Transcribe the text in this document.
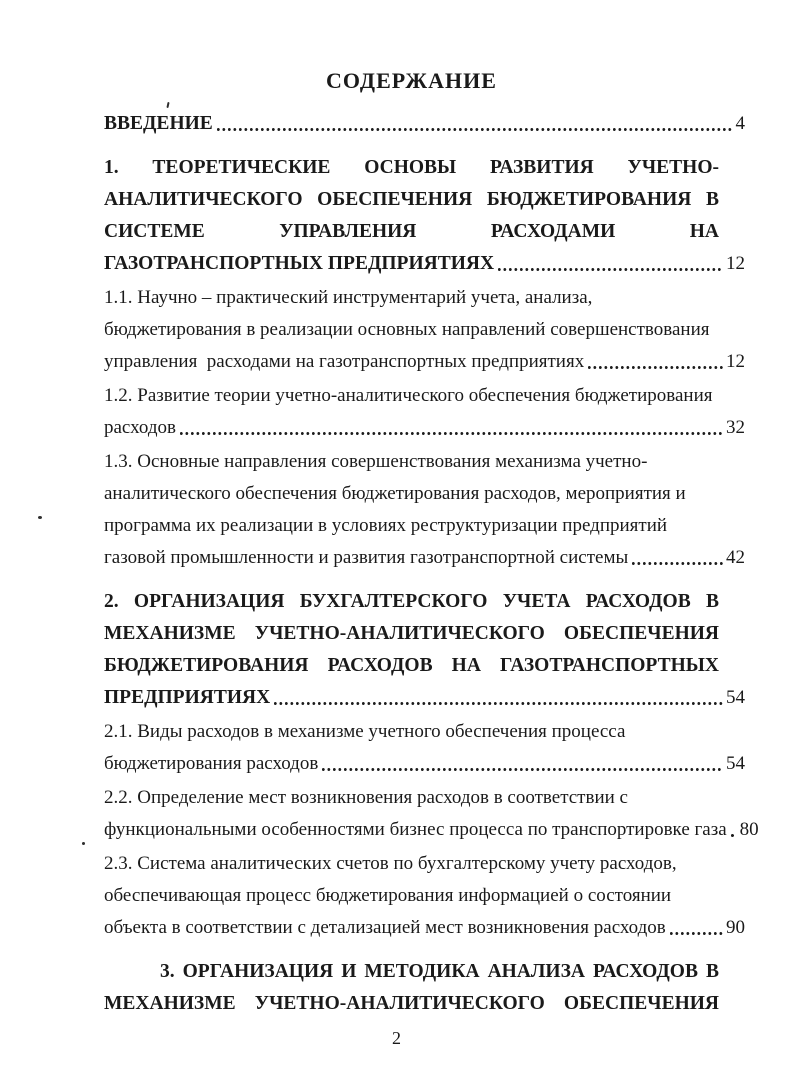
СОДЕРЖАНИЕ
ВВЕДЕНИЕ	4
1. ТЕОРЕТИЧЕСКИЕ ОСНОВЫ РАЗВИТИЯ УЧЕТНО-
АНАЛИТИЧЕСКОГО ОБЕСПЕЧЕНИЯ БЮДЖЕТИРОВАНИЯ В
СИСТЕМЕ УПРАВЛЕНИЯ РАСХОДАМИ НА
ГАЗОТРАНСПОРТНЫХ ПРЕДПРИЯТИЯХ	12
1.1. Научно – практический инструментарий учета, анализа,
бюджетирования в реализации основных направлений совершенствования
управления  расходами на газотранспортных предприятиях	12
1.2. Развитие теории учетно-аналитического обеспечения бюджетирования
расходов	32
1.3. Основные направления совершенствования механизма учетно-
аналитического обеспечения бюджетирования расходов, мероприятия и
программа их реализации в условиях реструктуризации предприятий
газовой промышленности и развития газотранспортной системы	42
2. ОРГАНИЗАЦИЯ БУХГАЛТЕРСКОГО УЧЕТА РАСХОДОВ В
МЕХАНИЗМЕ УЧЕТНО-АНАЛИТИЧЕСКОГО ОБЕСПЕЧЕНИЯ
БЮДЖЕТИРОВАНИЯ РАСХОДОВ НА ГАЗОТРАНСПОРТНЫХ
ПРЕДПРИЯТИЯХ	54
2.1. Виды расходов в механизме учетного обеспечения процесса
бюджетирования расходов	54
2.2. Определение мест возникновения расходов в соответствии с
функциональными особенностями бизнес процесса по транспортировке газа 80
2.3. Система аналитических счетов по бухгалтерскому учету расходов,
обеспечивающая процесс бюджетирования информацией о состоянии
объекта в соответствии с детализацией мест возникновения расходов	90
3. ОРГАНИЗАЦИЯ И МЕТОДИКА АНАЛИЗА РАСХОДОВ В
МЕХАНИЗМЕ УЧЕТНО-АНАЛИТИЧЕСКОГО ОБЕСПЕЧЕНИЯ
2
